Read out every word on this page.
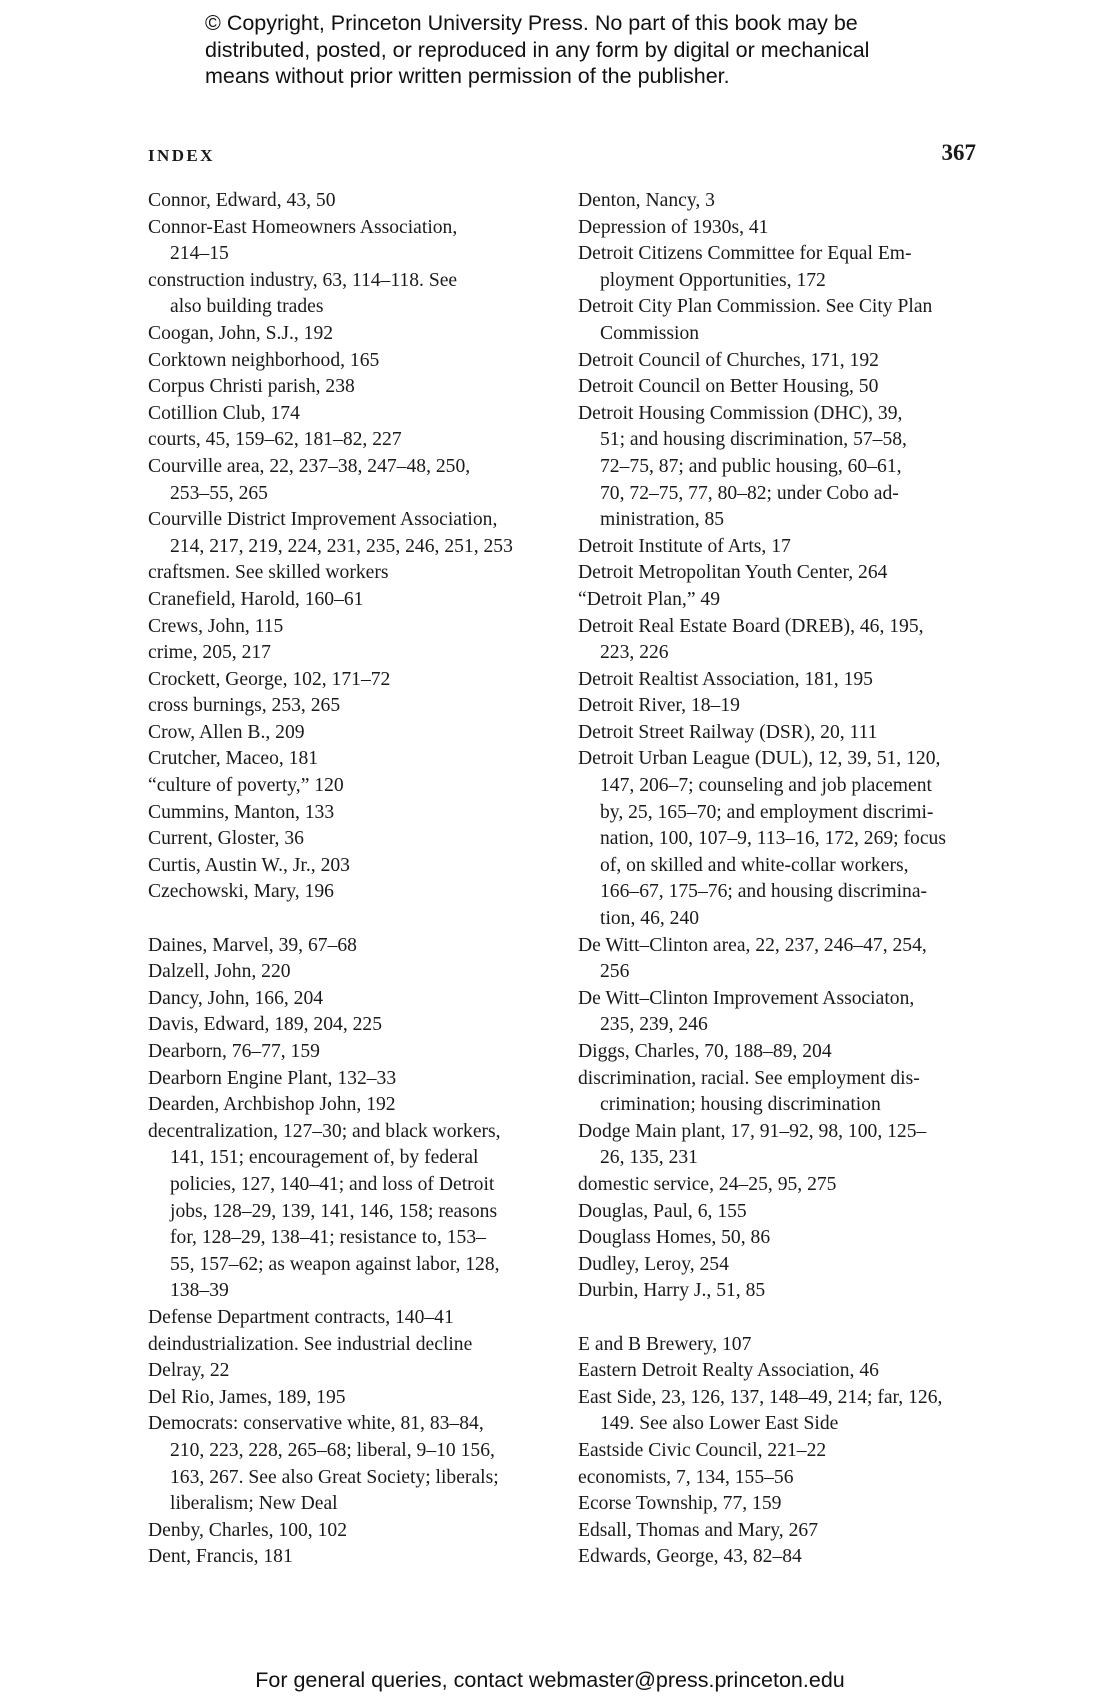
© Copyright, Princeton University Press. No part of this book may be
distributed, posted, or reproduced in any form by digital or mechanical
means without prior written permission of the publisher.
INDEX	367
Connor, Edward, 43, 50
Connor-East Homeowners Association,
214–15
construction industry, 63, 114–118. See
also building trades
Coogan, John, S.J., 192
Corktown neighborhood, 165
Corpus Christi parish, 238
Cotillion Club, 174
courts, 45, 159–62, 181–82, 227
Courville area, 22, 237–38, 247–48, 250,
253–55, 265
Courville District Improvement Association,
214, 217, 219, 224, 231, 235, 246, 251, 253
craftsmen. See skilled workers
Cranefield, Harold, 160–61
Crews, John, 115
crime, 205, 217
Crockett, George, 102, 171–72
cross burnings, 253, 265
Crow, Allen B., 209
Crutcher, Maceo, 181
“culture of poverty,” 120
Cummins, Manton, 133
Current, Gloster, 36
Curtis, Austin W., Jr., 203
Czechowski, Mary, 196
Daines, Marvel, 39, 67–68
Dalzell, John, 220
Dancy, John, 166, 204
Davis, Edward, 189, 204, 225
Dearborn, 76–77, 159
Dearborn Engine Plant, 132–33
Dearden, Archbishop John, 192
decentralization, 127–30; and black workers,
141, 151; encouragement of, by federal
policies, 127, 140–41; and loss of Detroit
jobs, 128–29, 139, 141, 146, 158; reasons
for, 128–29, 138–41; resistance to, 153–
55, 157–62; as weapon against labor, 128,
138–39
Defense Department contracts, 140–41
deindustrialization. See industrial decline
Delray, 22
Del Rio, James, 189, 195
Democrats: conservative white, 81, 83–84,
210, 223, 228, 265–68; liberal, 9–10 156,
163, 267. See also Great Society; liberals;
liberalism; New Deal
Denby, Charles, 100, 102
Dent, Francis, 181
Denton, Nancy, 3
Depression of 1930s, 41
Detroit Citizens Committee for Equal Em-
ployment Opportunities, 172
Detroit City Plan Commission. See City Plan
Commission
Detroit Council of Churches, 171, 192
Detroit Council on Better Housing, 50
Detroit Housing Commission (DHC), 39,
51; and housing discrimination, 57–58,
72–75, 87; and public housing, 60–61,
70, 72–75, 77, 80–82; under Cobo ad-
ministration, 85
Detroit Institute of Arts, 17
Detroit Metropolitan Youth Center, 264
“Detroit Plan,” 49
Detroit Real Estate Board (DREB), 46, 195,
223, 226
Detroit Realtist Association, 181, 195
Detroit River, 18–19
Detroit Street Railway (DSR), 20, 111
Detroit Urban League (DUL), 12, 39, 51, 120,
147, 206–7; counseling and job placement
by, 25, 165–70; and employment discrimi-
nation, 100, 107–9, 113–16, 172, 269; focus
of, on skilled and white-collar workers,
166–67, 175–76; and housing discrimina-
tion, 46, 240
De Witt–Clinton area, 22, 237, 246–47, 254,
256
De Witt–Clinton Improvement Associaton,
235, 239, 246
Diggs, Charles, 70, 188–89, 204
discrimination, racial. See employment dis-
crimination; housing discrimination
Dodge Main plant, 17, 91–92, 98, 100, 125–
26, 135, 231
domestic service, 24–25, 95, 275
Douglas, Paul, 6, 155
Douglass Homes, 50, 86
Dudley, Leroy, 254
Durbin, Harry J., 51, 85
E and B Brewery, 107
Eastern Detroit Realty Association, 46
East Side, 23, 126, 137, 148–49, 214; far, 126,
149. See also Lower East Side
Eastside Civic Council, 221–22
economists, 7, 134, 155–56
Ecorse Township, 77, 159
Edsall, Thomas and Mary, 267
Edwards, George, 43, 82–84
For general queries, contact webmaster@press.princeton.edu
